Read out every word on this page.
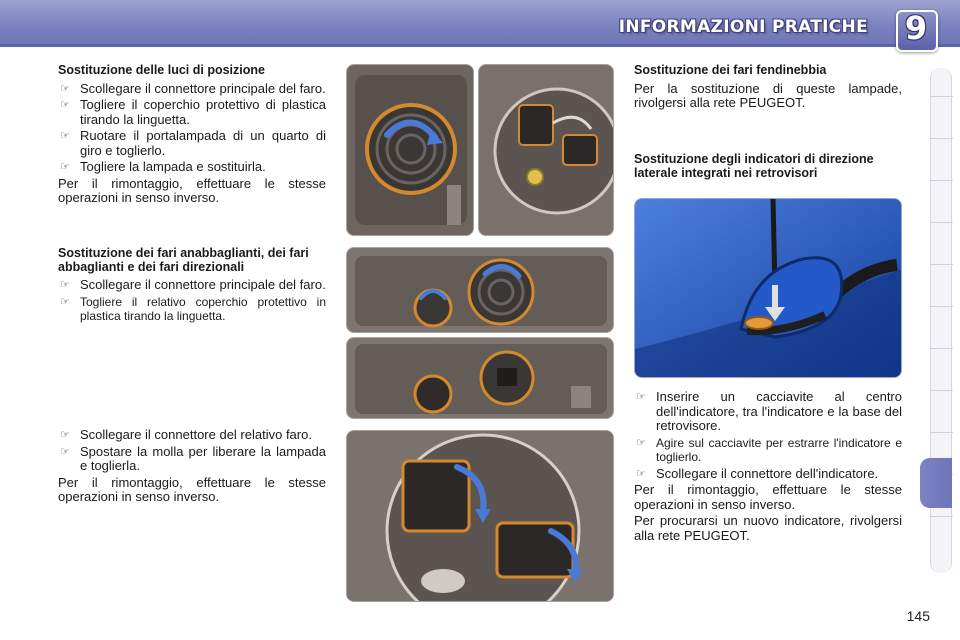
INFORMAZIONI PRATICHE 9
Sostituzione delle luci di posizione
☞ Scollegare il connettore principale del faro.
☞ Togliere il coperchio protettivo di plastica tirando la linguetta.
☞ Ruotare il portalampada di un quarto di giro e toglierlo.
☞ Togliere la lampada e sostituirla.
Per il rimontaggio, effettuare le stesse operazioni in senso inverso.
Sostituzione dei fari anabbaglianti, dei fari abbaglianti e dei fari direzionali
☞ Scollegare il connettore principale del faro.
☞ Togliere il relativo coperchio protettivo in plastica tirando la linguetta.
☞ Scollegare il connettore del relativo faro.
☞ Spostare la molla per liberare la lampada e toglierla.
Per il rimontaggio, effettuare le stesse operazioni in senso inverso.
Sostituzione dei fari fendinebbia
Per la sostituzione di queste lampade, rivolgersi alla rete PEUGEOT.
Sostituzione degli indicatori di direzione laterale integrati nei retrovisori
☞ Inserire un cacciavite al centro dell'indicatore, tra l'indicatore e la base del retrovisore.
☞ Agire sul cacciavite per estrarre l'indicatore e toglierlo.
☞ Scollegare il connettore dell'indicatore.
Per il rimontaggio, effettuare le stesse operazioni in senso inverso.
Per procurarsi un nuovo indicatore, rivolgersi alla rete PEUGEOT.
145
